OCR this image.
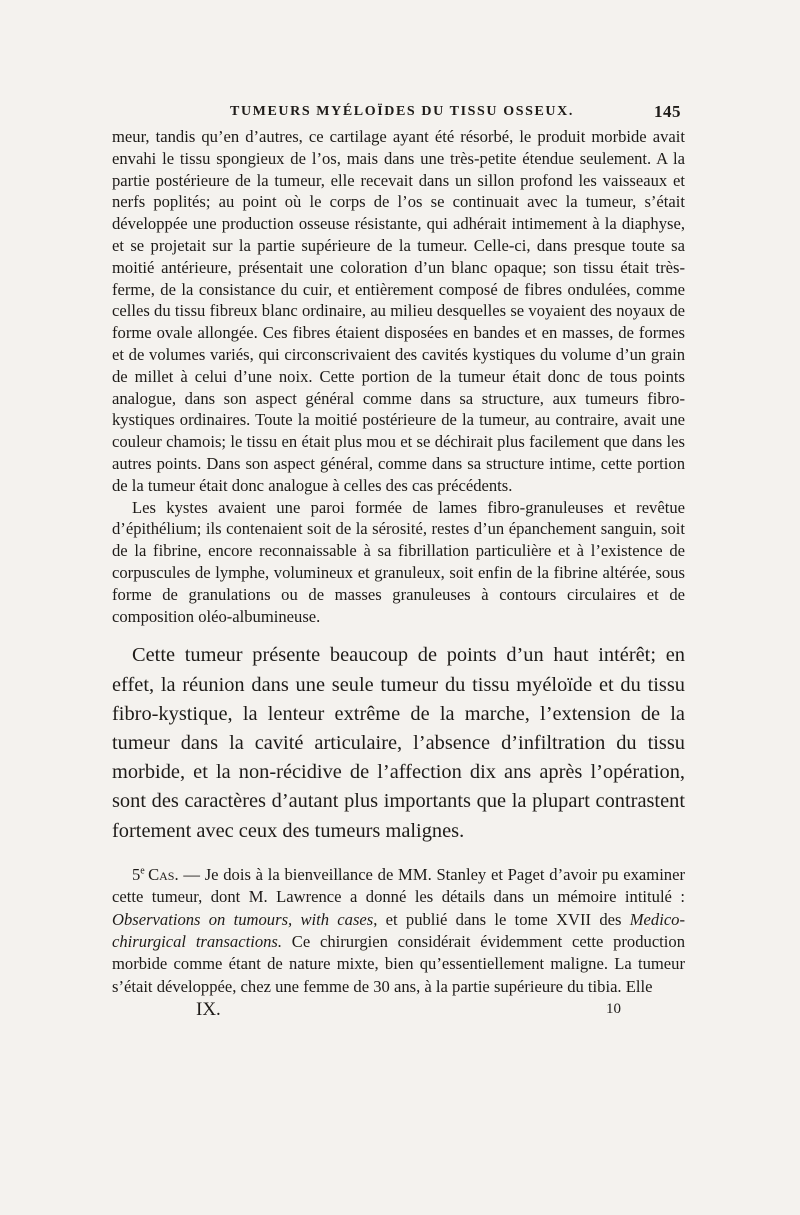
TUMEURS MYÉLOÏDES DU TISSU OSSEUX.	145

meur, tandis qu’en d’autres, ce cartilage ayant été résorbé, le produit morbide avait envahi le tissu spongieux de l’os, mais dans une très-petite étendue seulement. A la partie postérieure de la tumeur, elle recevait dans un sillon profond les vaisseaux et nerfs poplités; au point où le corps de l’os se continuait avec la tumeur, s’était développée une production osseuse résistante, qui adhérait intimement à la diaphyse, et se projetait sur la partie supérieure de la tumeur. Celle-ci, dans presque toute sa moitié antérieure, présentait une coloration d’un blanc opaque; son tissu était très-ferme, de la consistance du cuir, et entièrement composé de fibres ondulées, comme celles du tissu fibreux blanc ordinaire, au milieu desquelles se voyaient des noyaux de forme ovale allongée. Ces fibres étaient disposées en bandes et en masses, de formes et de volumes variés, qui circonscrivaient des cavités kystiques du volume d’un grain de millet à celui d’une noix. Cette portion de la tumeur était donc de tous points analogue, dans son aspect général comme dans sa structure, aux tumeurs fibro-kystiques ordinaires. Toute la moitié postérieure de la tumeur, au contraire, avait une couleur chamois; le tissu en était plus mou et se déchirait plus facilement que dans les autres points. Dans son aspect général, comme dans sa structure intime, cette portion de la tumeur était donc analogue à celles des cas précédents.

Les kystes avaient une paroi formée de lames fibro-granuleuses et revêtue d’épithélium; ils contenaient soit de la sérosité, restes d’un épanchement sanguin, soit de la fibrine, encore reconnaissable à sa fibrillation particulière et à l’existence de corpuscules de lymphe, volumineux et granuleux, soit enfin de la fibrine altérée, sous forme de granulations ou de masses granuleuses à contours circulaires et de composition oléo-albumineuse.

Cette tumeur présente beaucoup de points d’un haut intérêt; en effet, la réunion dans une seule tumeur du tissu myéloïde et du tissu fibro-kystique, la lenteur extrême de la marche, l’extension de la tumeur dans la cavité articulaire, l’absence d’infiltration du tissu morbide, et la non-récidive de l’affection dix ans après l’opération, sont des caractères d’autant plus importants que la plupart contrastent fortement avec ceux des tumeurs malignes.

5e  Cas. — Je dois à la bienveillance de MM. Stanley et Paget d’avoir pu examiner cette tumeur, dont M. Lawrence a donné les détails dans un mémoire intitulé : Observations on tumours, with cases, et publié dans le tome XVII des Medico-chirurgical transactions. Ce chirurgien considérait évidemment cette production morbide comme étant de nature mixte, bien qu’essentiellement maligne. La tumeur s’était développée, chez une femme de 30 ans, à la partie supérieure du tibia. Elle

IX.	10
